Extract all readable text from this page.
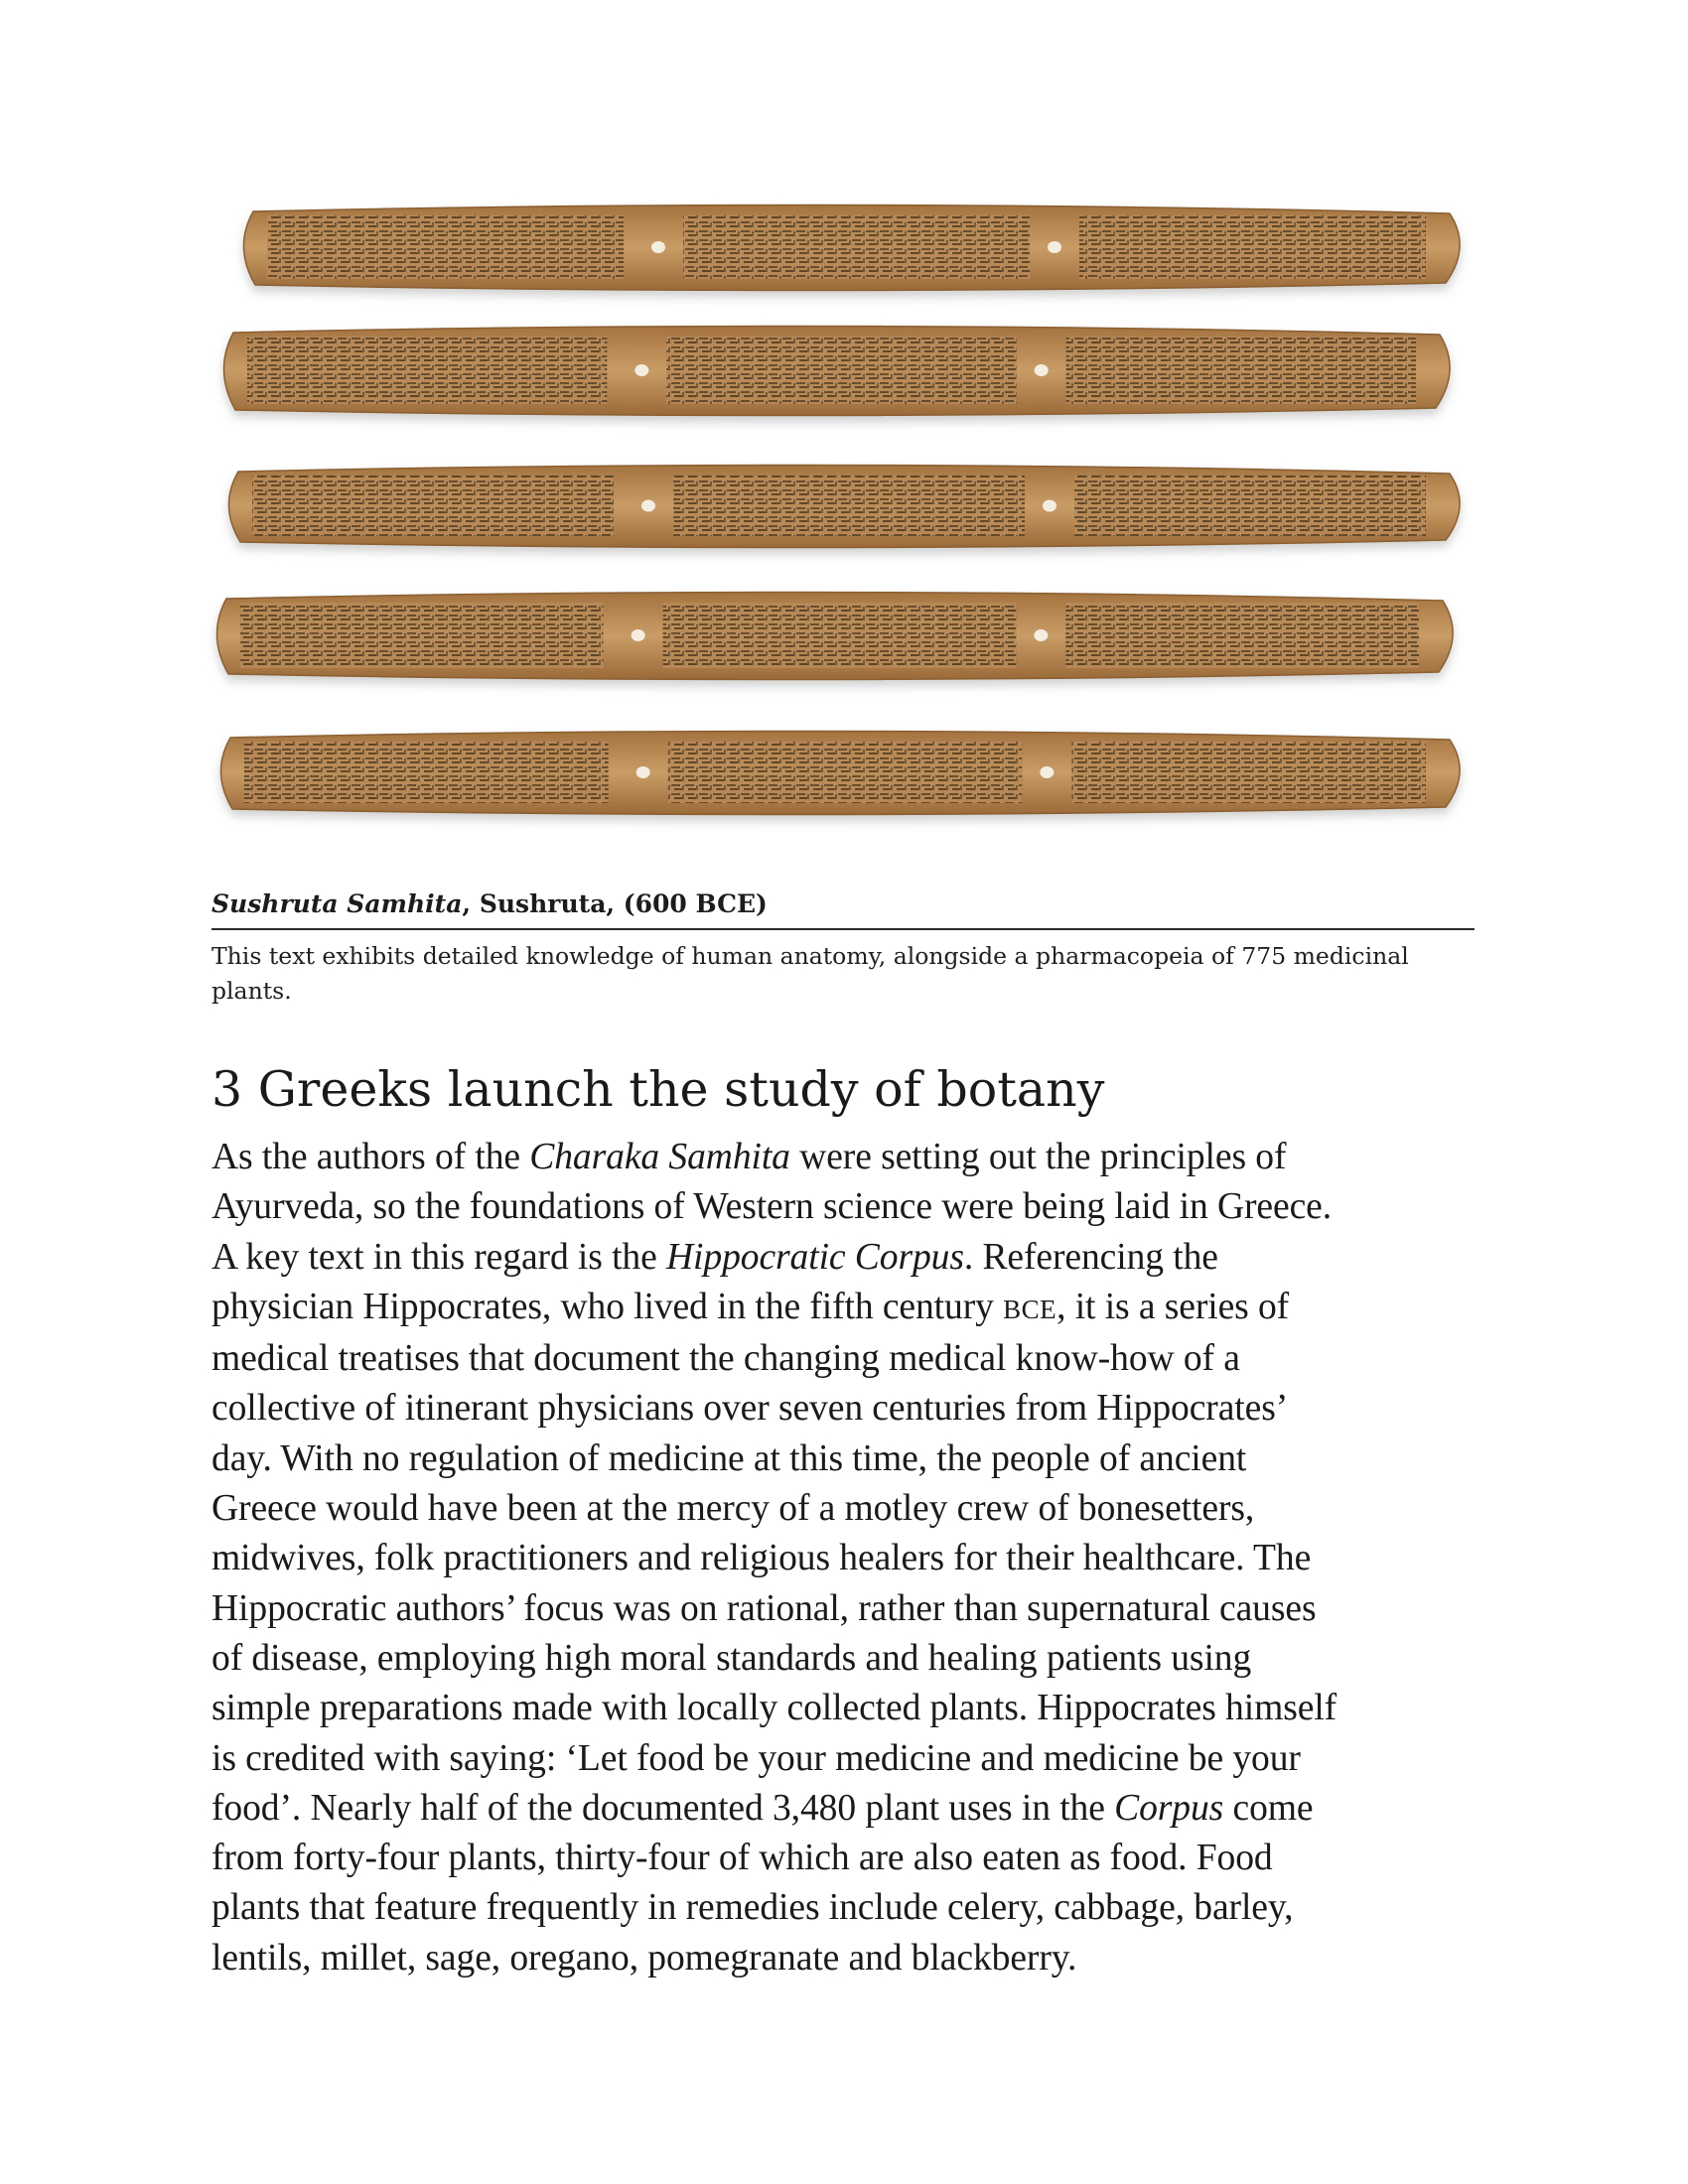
Sushruta Samhita, Sushruta, (600 BCE)
This text exhibits detailed knowledge of human anatomy, alongside a pharmacopeia of 775 medicinal
plants.
3 Greeks launch the study of botany
As the authors of the Charaka Samhita were setting out the principles of
Ayurveda, so the foundations of Western science were being laid in Greece.
A key text in this regard is the Hippocratic Corpus. Referencing the
physician Hippocrates, who lived in the fifth century BCE, it is a series of
medical treatises that document the changing medical know-how of a
collective of itinerant physicians over seven centuries from Hippocrates’
day. With no regulation of medicine at this time, the people of ancient
Greece would have been at the mercy of a motley crew of bonesetters,
midwives, folk practitioners and religious healers for their healthcare. The
Hippocratic authors’ focus was on rational, rather than supernatural causes
of disease, employing high moral standards and healing patients using
simple preparations made with locally collected plants. Hippocrates himself
is credited with saying: ‘Let food be your medicine and medicine be your
food’. Nearly half of the documented 3,480 plant uses in the Corpus come
from forty-four plants, thirty-four of which are also eaten as food. Food
plants that feature frequently in remedies include celery, cabbage, barley,
lentils, millet, sage, oregano, pomegranate and blackberry.
